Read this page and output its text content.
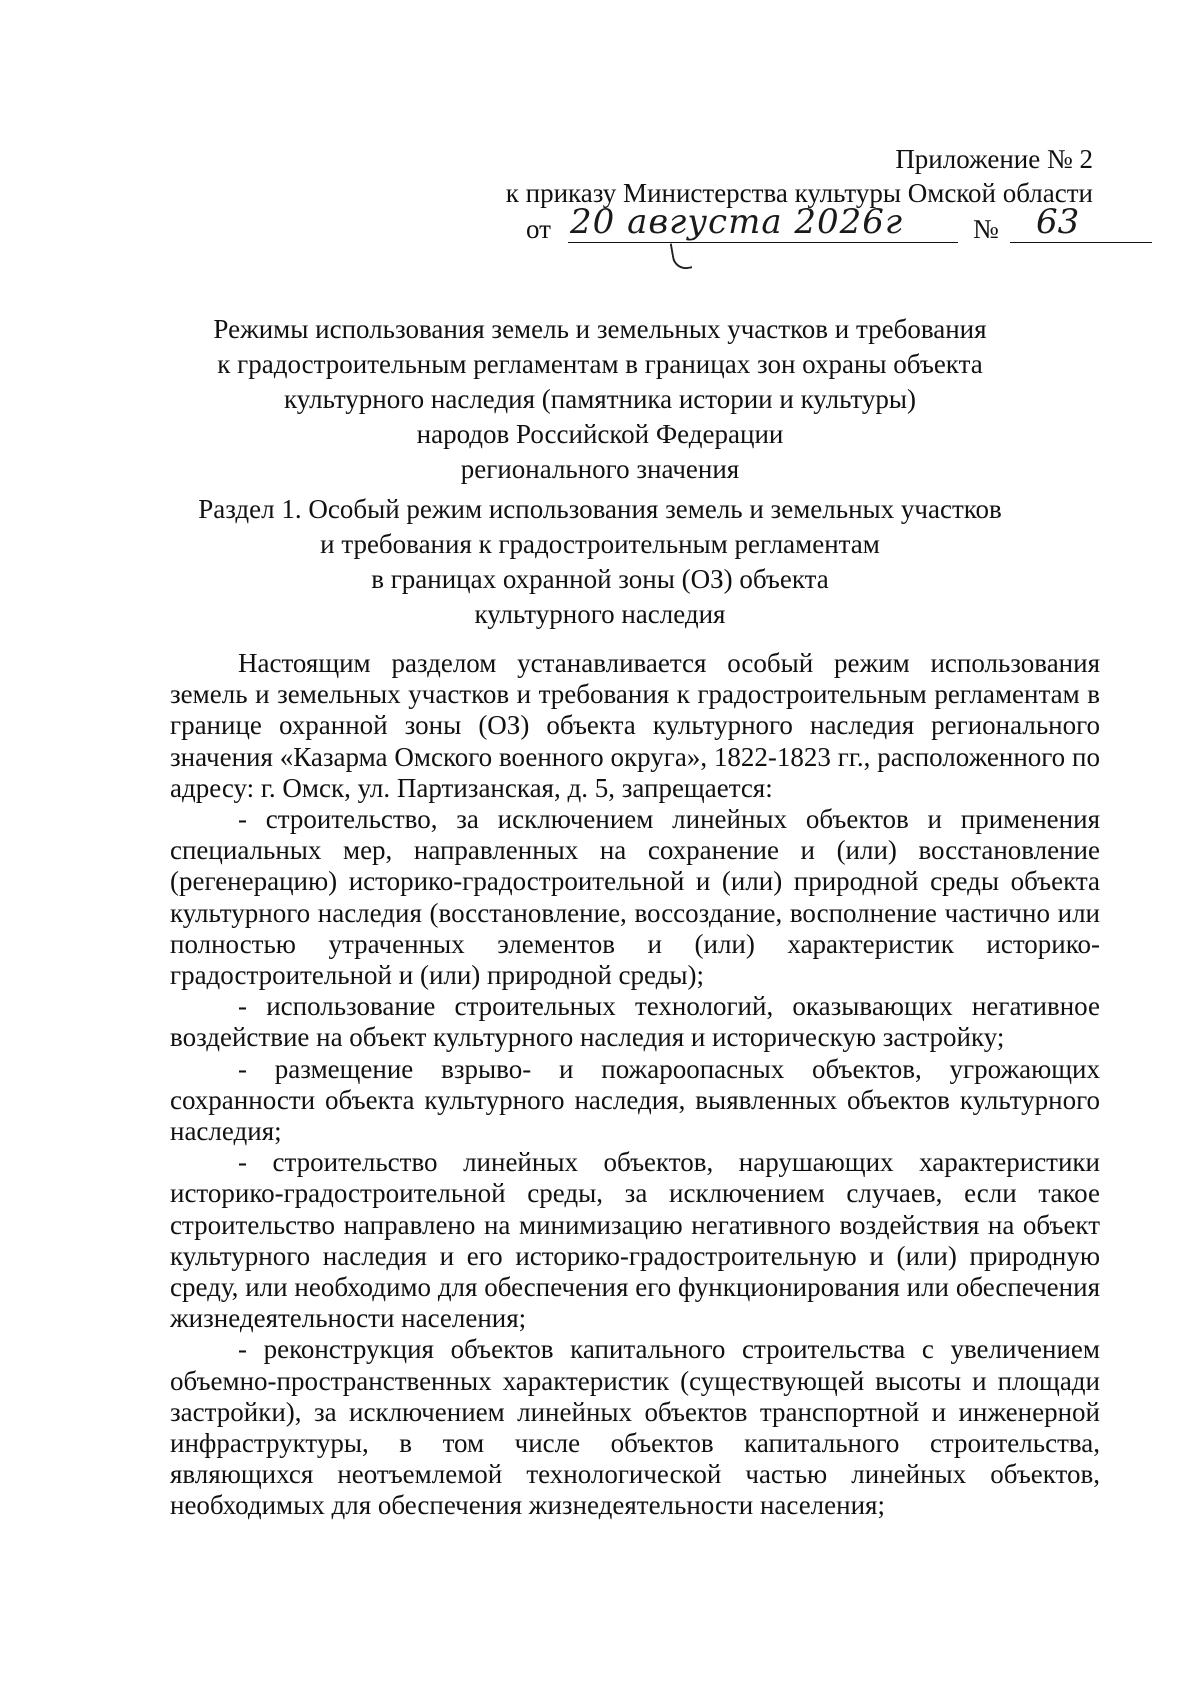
Приложение № 2
к приказу Министерства культуры Омской области
от 20 августа 2026г	№ 63
Режимы использования земель и земельных участков и требования
к градостроительным регламентам в границах зон охраны объекта
культурного наследия (памятника истории и культуры)
народов Российской Федерации
регионального значения
Раздел 1. Особый режим использования земель и земельных участков
и требования к градостроительным регламентам
в границах охранной зоны (ОЗ) объекта
культурного наследия

Настоящим разделом устанавливается особый режим использования земель и земельных участков и требования к градостроительным регламентам в границе охранной зоны (ОЗ) объекта культурного наследия регионального значения «Казарма Омского военного округа», 1822-1823 гг., расположенного по адресу: г. Омск, ул. Партизанская, д. 5, запрещается:

- строительство, за исключением линейных объектов и применения специальных мер, направленных на сохранение и (или) восстановление (регенерацию) историко-градостроительной и (или) природной среды объекта культурного наследия (восстановление, воссоздание, восполнение частично или полностью утраченных элементов и (или) характеристик историко-градостроительной и (или) природной среды);

- использование строительных технологий, оказывающих негативное воздействие на объект культурного наследия и историческую застройку;

- размещение взрыво- и пожароопасных объектов, угрожающих сохранности объекта культурного наследия, выявленных объектов культурного наследия;

- строительство линейных объектов, нарушающих характеристики историко-градостроительной среды, за исключением случаев, если такое строительство направлено на минимизацию негативного воздействия на объект культурного наследия и его историко-градостроительную и (или) природную среду, или необходимо для обеспечения его функционирования или обеспечения жизнедеятельности населения;

- реконструкция объектов капитального строительства с увеличением объемно-пространственных характеристик (существующей высоты и площади застройки), за исключением линейных объектов транспортной и инженерной инфраструктуры, в том числе объектов капитального строительства, являющихся неотъемлемой технологической частью линейных объектов, необходимых для обеспечения жизнедеятельности населения;
